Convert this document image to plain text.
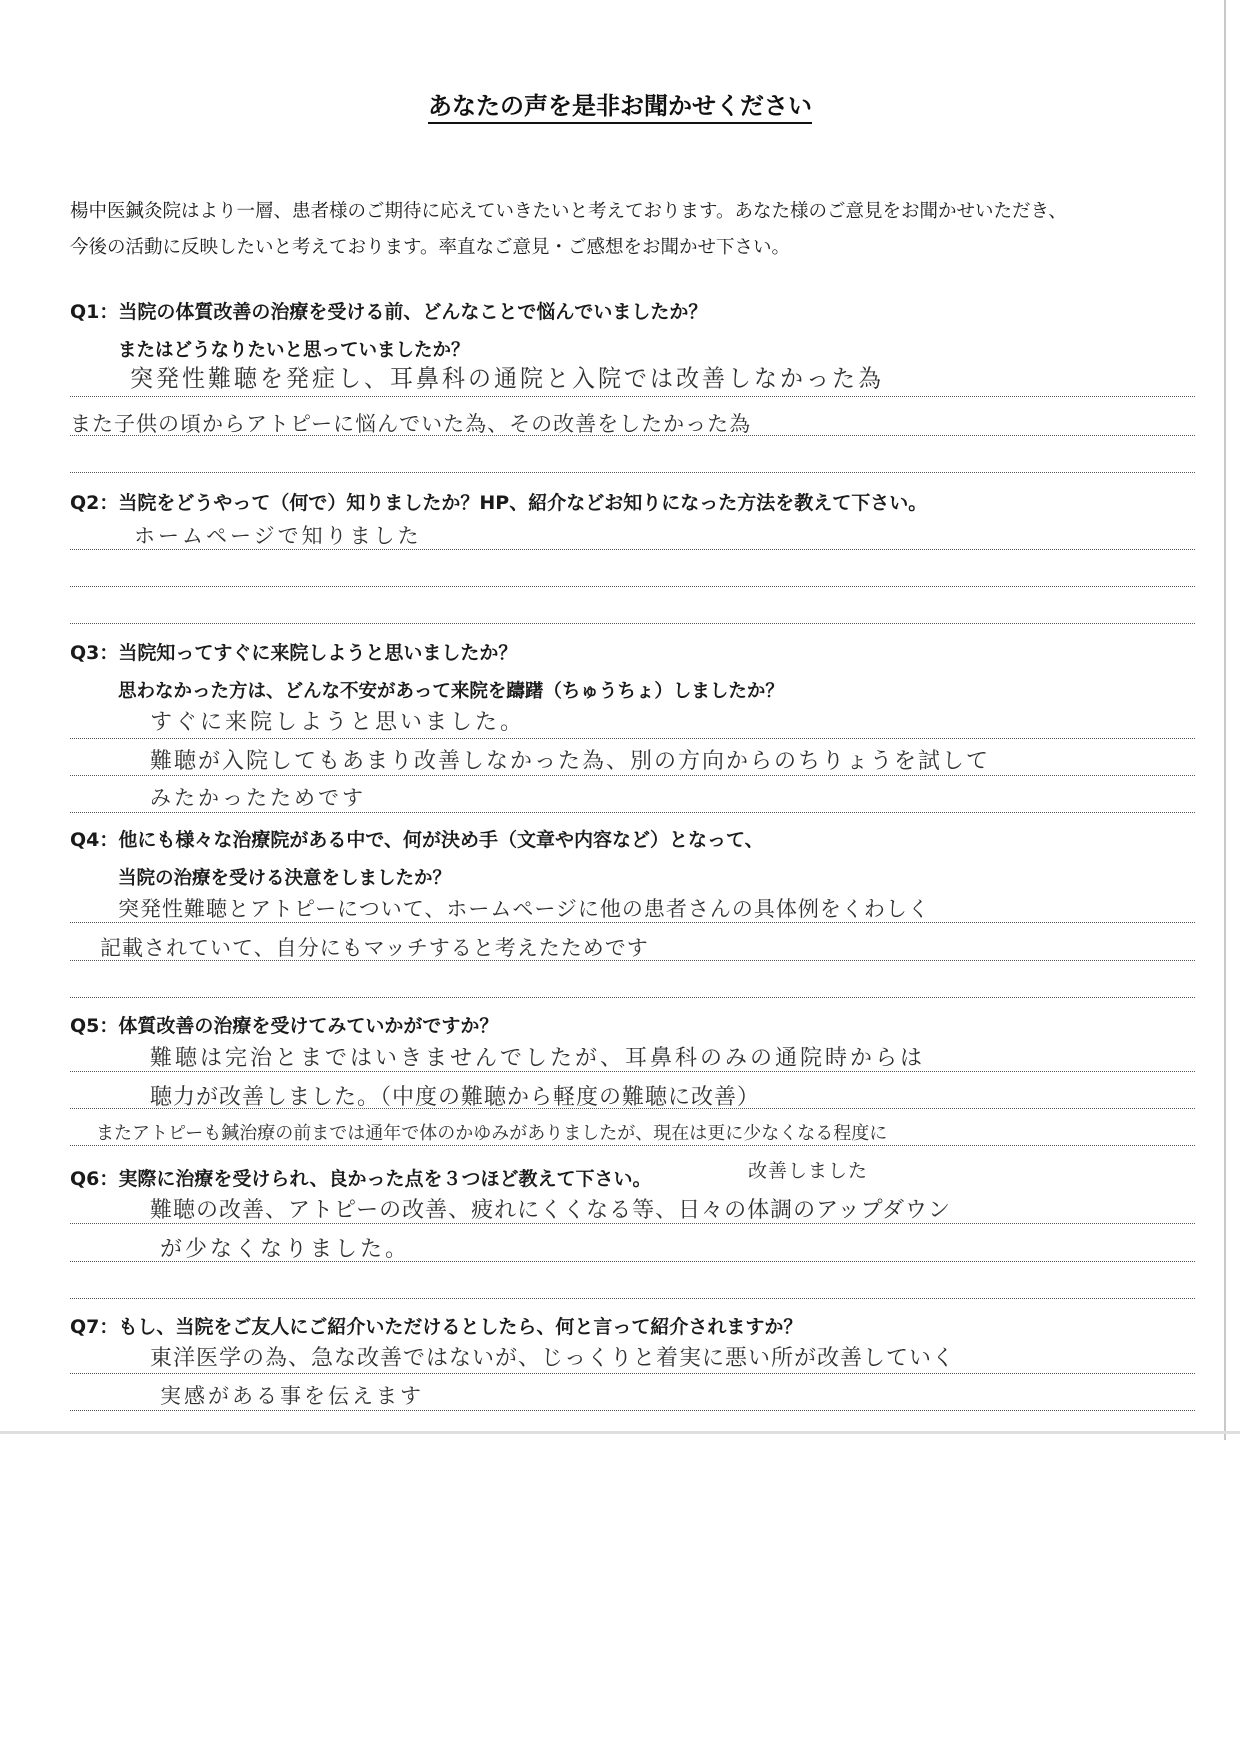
あなたの声を是非お聞かせください
楊中医鍼灸院はより一層、患者様のご期待に応えていきたいと考えております。あなた様のご意見をお聞かせいただき、
今後の活動に反映したいと考えております。率直なご意見・ご感想をお聞かせ下さい。
Q1：当院の体質改善の治療を受ける前、どんなことで悩んでいましたか？
またはどうなりたいと思っていましたか？
突発性難聴を発症し、耳鼻科の通院と入院では改善しなかった為
また子供の頃からアトピーに悩んでいた為、その改善をしたかった為
Q2：当院をどうやって（何で）知りましたか？HP、紹介などお知りになった方法を教えて下さい。
ホームページで知りました
Q3：当院知ってすぐに来院しようと思いましたか？
思わなかった方は、どんな不安があって来院を躊躇（ちゅうちょ）しましたか？
すぐに来院しようと思いました。
難聴が入院してもあまり改善しなかった為、別の方向からのちりょうを試して
みたかったためです
Q4：他にも様々な治療院がある中で、何が決め手（文章や内容など）となって、
当院の治療を受ける決意をしましたか？
突発性難聴とアトピーについて、ホームページに他の患者さんの具体例をくわしく
記載されていて、自分にもマッチすると考えたためです
Q5：体質改善の治療を受けてみていかがですか？
難聴は完治とまではいきませんでしたが、耳鼻科のみの通院時からは
聴力が改善しました。（中度の難聴から軽度の難聴に改善）
またアトピーも鍼治療の前までは通年で体のかゆみがありましたが、現在は更に少なくなる程度に
改善しました
Q6：実際に治療を受けられ、良かった点を３つほど教えて下さい。
難聴の改善、アトピーの改善、疲れにくくなる等、日々の体調のアップダウン
が少なくなりました。
Q7：もし、当院をご友人にご紹介いただけるとしたら、何と言って紹介されますか？
東洋医学の為、急な改善ではないが、じっくりと着実に悪い所が改善していく
実感がある事を伝えます
